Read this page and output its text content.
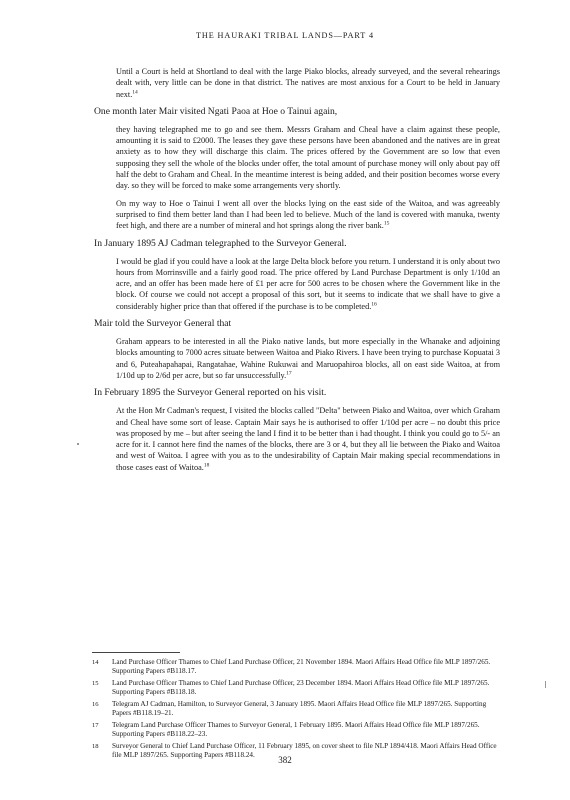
THE HAURAKI TRIBAL LANDS—PART 4

Until a Court is held at Shortland to deal with the large Piako blocks, already surveyed, and the several rehearings dealt with, very little can be done in that district. The natives are most anxious for a Court to be held in January next.$^{14}$

One month later Mair visited Ngati Paoa at Hoe o Tainui again,

they having telegraphed me to go and see them. Messrs Graham and Cheal have a claim against these people, amounting it is said to £2000. The leases they gave these persons have been abandoned and the natives are in great anxiety as to how they will discharge this claim. The prices offered by the Government are so low that even supposing they sell the whole of the blocks under offer, the total amount of purchase money will only about pay off half the debt to Graham and Cheal. In the meantime interest is being added, and their position becomes worse every day. so they will be forced to make some arrangements very shortly.

On my way to Hoe o Tainui I went all over the blocks lying on the east side of the Waitoa, and was agreeably surprised to find them better land than I had been led to believe. Much of the land is covered with manuka, twenty feet high, and there are a number of mineral and hot springs along the river bank.$^{15}$

In January 1895 AJ Cadman telegraphed to the Surveyor General.

I would be glad if you could have a look at the large Delta block before you return. I understand it is only about two hours from Morrinsville and a fairly good road. The price offered by Land Purchase Department is only 1/10d an acre, and an offer has been made here of £1 per acre for 500 acres to be chosen where the Government like in the block. Of course we could not accept a proposal of this sort, but it seems to indicate that we shall have to give a considerably higher price than that offered if the purchase is to be completed.$^{16}$

Mair told the Surveyor General that

Graham appears to be interested in all the Piako native lands, but more especially in the Whanake and adjoining blocks amounting to 7000 acres situate between Waitoa and Piako Rivers. I have been trying to purchase Kopuatai 3 and 6, Puteahapahapai, Rangatahae, Wahine Rukuwai and Maruopahiroa blocks, all on east side Waitoa, at from 1/10d up to 2/6d per acre, but so far unsuccessfully.$^{17}$

In February 1895 the Surveyor General reported on his visit.

At the Hon Mr Cadman's request, I visited the blocks called "Delta" between Piako and Waitoa, over which Graham and Cheal have some sort of lease. Captain Mair says he is authorised to offer 1/10d per acre – no doubt this price was proposed by me – but after seeing the land I find it to be better than i had thought. I think you could go to 5/- an acre for it. I cannot here find the names of the blocks, there are 3 or 4, but they all lie between the Piako and Waitoa and west of Waitoa. I agree with you as to the undesirability of Captain Mair making special recommendations in those cases east of Waitoa.$^{18}$

14	Land Purchase Officer Thames to Chief Land Purchase Officer, 21 November 1894. Maori Affairs Head Office file MLP 1897/265. Supporting Papers #B118.17.
15	Land Purchase Officer Thames to Chief Land Purchase Officer, 23 December 1894. Maori Affairs Head Office file MLP 1897/265. Supporting Papers #B118.18.
16	Telegram AJ Cadman, Hamilton, to Surveyor General, 3 January 1895. Maori Affairs Head Office file MLP 1897/265. Supporting Papers #B118.19–21.
17	Telegram Land Purchase Officer Thames to Surveyor General, 1 February 1895. Maori Affairs Head Office file MLP 1897/265. Supporting Papers #B118.22–23.
18	Surveyor General to Chief Land Purchase Officer, 11 February 1895, on cover sheet to file NLP 1894/418. Maori Affairs Head Office file MLP 1897/265. Supporting Papers #B118.24.
382
